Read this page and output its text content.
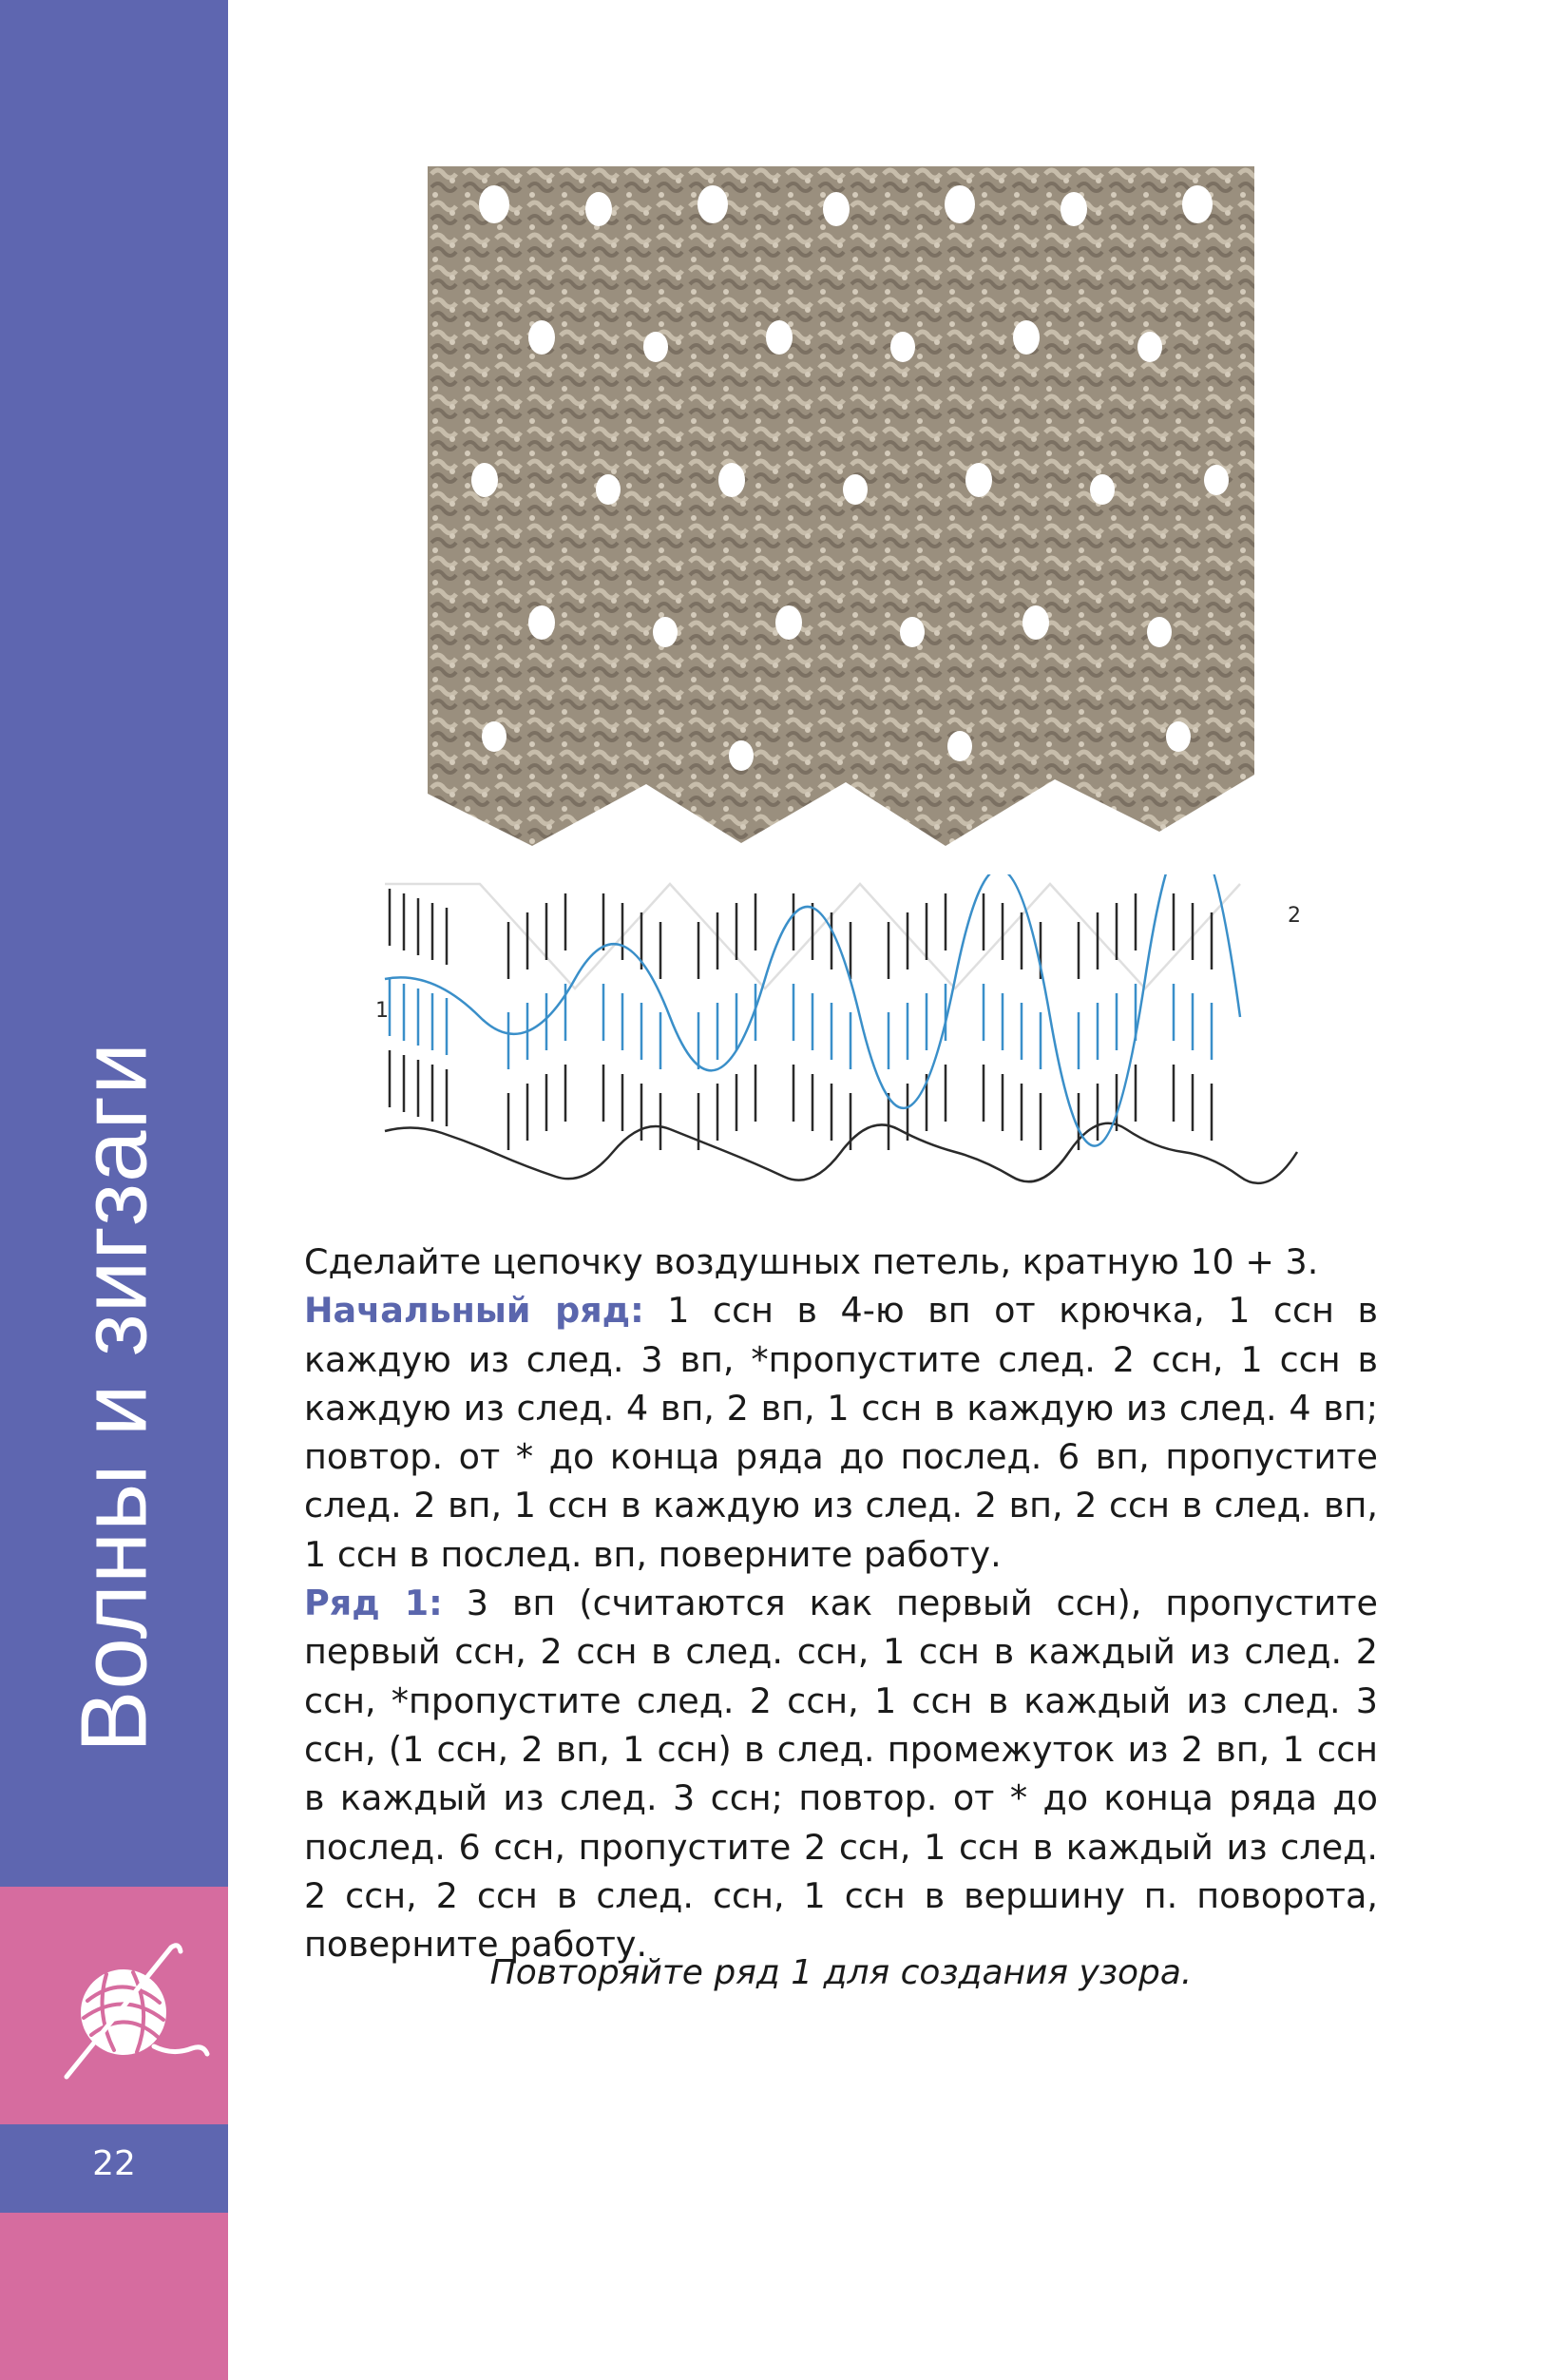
Волны и зигзаги
22
1
2

Сделайте цепочку воздушных петель, кратную 10 + 3.

Начальный ряд: 1 ссн в 4-ю вп от крючка, 1 ссн в каждую из след. 3 вп, *пропустите след. 2 ссн, 1 ссн в каждую из след. 4 вп, 2 вп, 1 ссн в каждую из след. 4 вп; повтор. от * до конца ряда до послед. 6 вп, пропустите след. 2 вп, 1 ссн в каждую из след. 2 вп, 2 ссн в след. вп, 1 ссн в послед. вп, поверните работу.

Ряд 1: 3 вп (считаются как первый ссн), пропустите первый ссн, 2 ссн в след. ссн, 1 ссн в каждый из след. 2 ссн, *пропустите след. 2 ссн, 1 ссн в каждый из след. 3 ссн, (1 ссн, 2 вп, 1 ссн) в след. промежуток из 2 вп, 1 ссн в каждый из след. 3 ссн; повтор. от * до конца ряда до послед. 6 ссн, пропустите 2 ссн, 1 ссн в каждый из след. 2 ссн, 2 ссн в след. ссн, 1 ссн в вершину п. поворота, поверните работу.

Повторяйте ряд 1 для создания узора.
